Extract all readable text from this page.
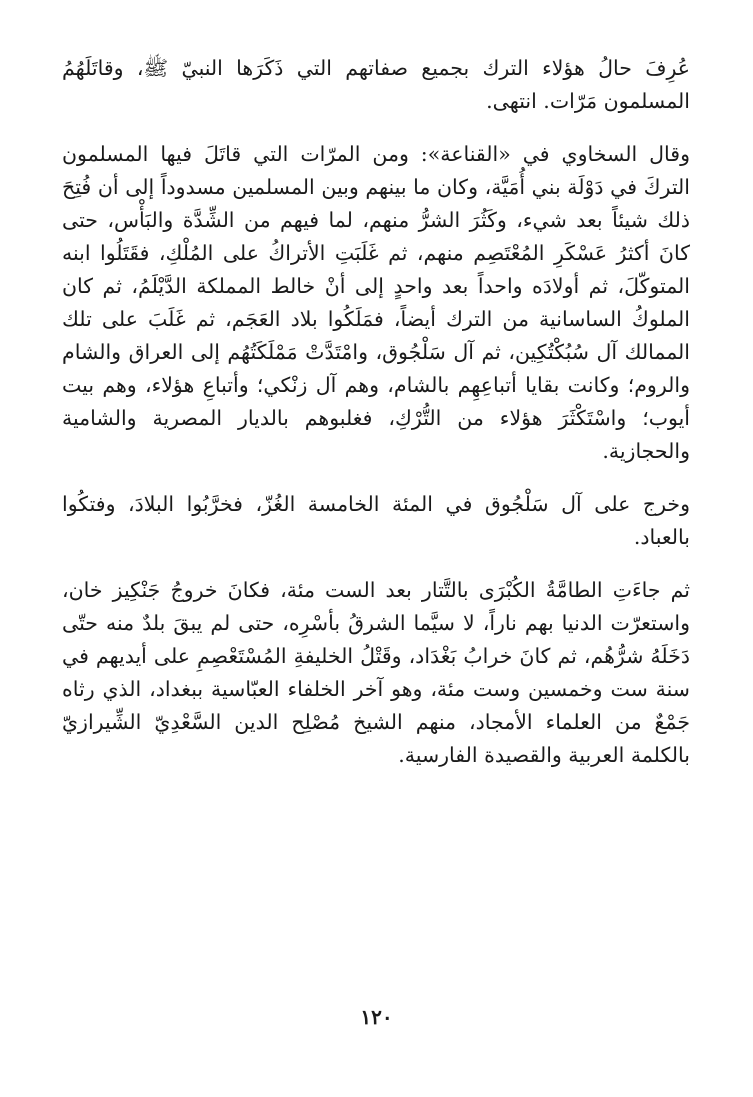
عُرِفَ حالُ هؤلاء الترك بجميع صفاتهم التي ذَكَرَها النبيّ ﷺ، وقاتَلَهُمُ المسلمون مَرّات. انتهى.

وقال السخاوي في «القناعة»: ومن المرّات التي قاتَلَ فيها المسلمون التركَ في دَوْلَة بني أُمَيَّة، وكان ما بينهم وبين المسلمين مسدوداً إلى أن فُتِحَ ذلك شيئاً بعد شيء، وكَثُرَ الشرُّ منهم، لما فيهم من الشِّدَّة والبَأْس، حتى كانَ أكثرُ عَسْكَرِ المُعْتَصِم منهم، ثم غَلَبَتِ الأتراكُ على المُلْكِ، فقَتَلُوا ابنه المتوكّلَ، ثم أولادَه واحداً بعد واحدٍ إلى أنْ خالط المملكة الدَّيْلَمُ، ثم كان الملوكُ الساسانية من الترك أيضاً، فمَلَكُوا بلاد العَجَم، ثم غَلَبَ على تلك الممالك آل سُبُكْتُكِين، ثم آل سَلْجُوق، وامْتَدَّتْ مَمْلَكَتُهُم إلى العراق والشام والروم؛ وكانت بقايا أتباعِهِم بالشام، وهم آل زنْكي؛ وأتباعِ هؤلاء، وهم بيت أيوب؛ واسْتَكْثَرَ هؤلاء من التُّرْكِ، فغلبوهم بالديار المصرية والشامية والحجازية.

وخرج على آل سَلْجُوق في المئة الخامسة الغُزّ، فخرَّبُوا البلادَ، وفتكُوا بالعباد.

ثم جاءَتِ الطامَّةُ الكُبْرَى بالتَّتار بعد الست مئة، فكانَ خروجُ جَنْكِيز خان، واستعرّت الدنيا بهم ناراً، لا سيَّما الشرقُ بأسْرِه، حتى لم يبقَ بلدٌ منه حتّى دَخَلَهُ شرُّهُم، ثم كانَ خرابُ بَغْدَاد، وقَتْلُ الخليفةِ المُسْتَعْصِمِ على أيديهم في سنة ست وخمسين وست مئة، وهو آخر الخلفاء العبّاسية ببغداد، الذي رثاه جَمْعٌ من العلماء الأمجاد، منهم الشيخ مُصْلِح الدين السَّعْدِيّ الشِّيرازيّ بالكلمة العربية والقصيدة الفارسية.

١٢٠
